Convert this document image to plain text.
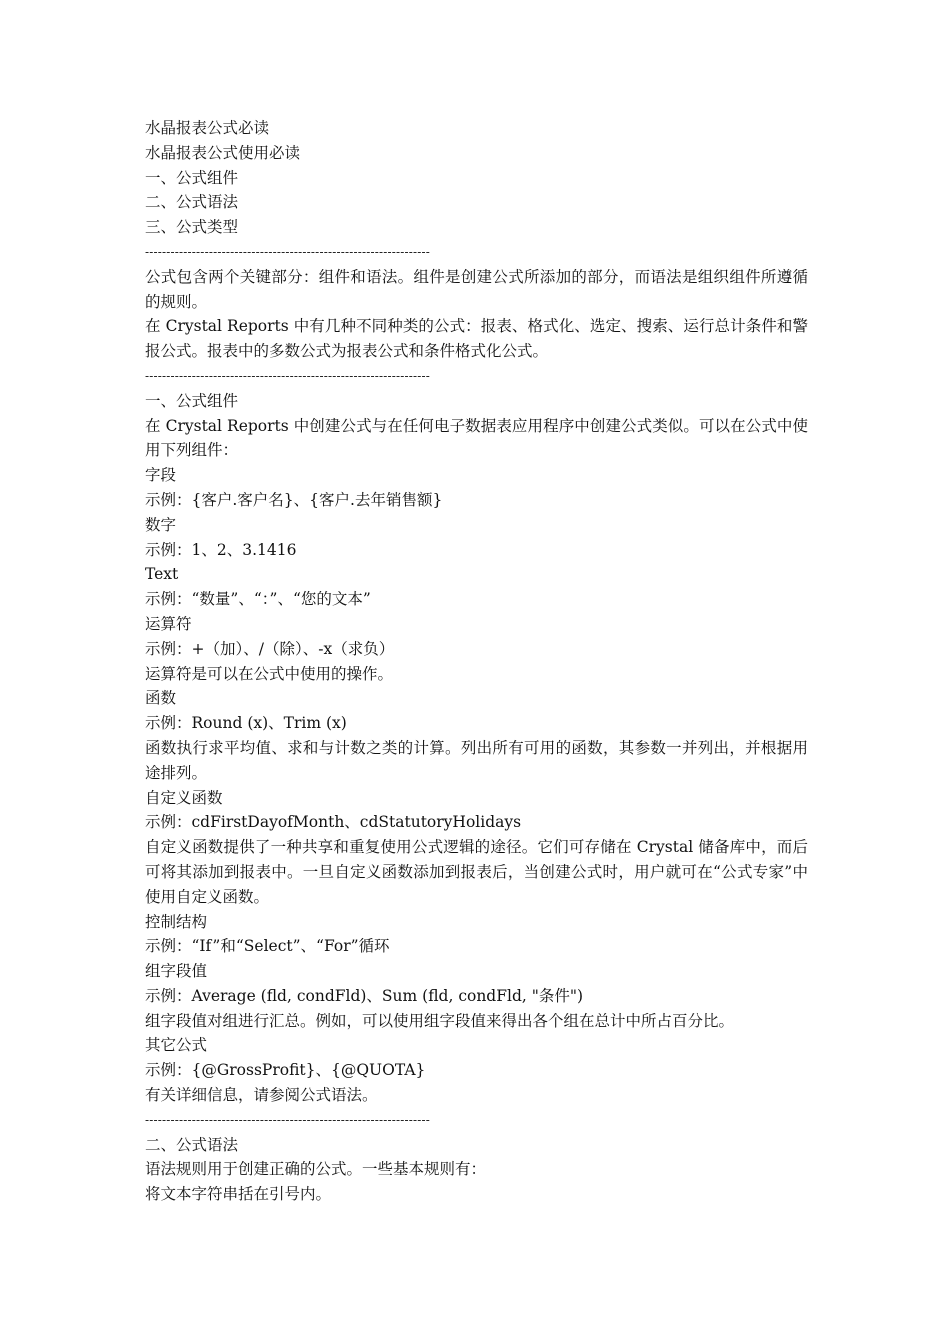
水晶报表公式必读
水晶报表公式使用必读
一、公式组件
二、公式语法
三、公式类型
-------------------------------------------------------------------
公式包含两个关键部分：组件和语法。组件是创建公式所添加的部分，而语法是组织组件所遵循的规则。
在 Crystal Reports 中有几种不同种类的公式：报表、格式化、选定、搜索、运行总计条件和警报公式。报表中的多数公式为报表公式和条件格式化公式。
-------------------------------------------------------------------
一、公式组件
在 Crystal Reports 中创建公式与在任何电子数据表应用程序中创建公式类似。可以在公式中使用下列组件：
字段
示例：{客户.客户名}、{客户.去年销售额}
数字
示例：1、2、3.1416
Text
示例：“数量”、“：”、“您的文本”
运算符
示例：+（加）、/（除）、-x（求负）
运算符是可以在公式中使用的操作。
函数
示例：Round (x)、Trim (x)
函数执行求平均值、求和与计数之类的计算。列出所有可用的函数，其参数一并列出，并根据用途排列。
自定义函数
示例：cdFirstDayofMonth、cdStatutoryHolidays
自定义函数提供了一种共享和重复使用公式逻辑的途径。它们可存储在 Crystal 储备库中，而后可将其添加到报表中。一旦自定义函数添加到报表后，当创建公式时，用户就可在“公式专家”中使用自定义函数。
控制结构
示例：“If”和“Select”、“For”循环
组字段值
示例：Average (fld, condFld)、Sum (fld, condFld, "条件")
组字段值对组进行汇总。例如，可以使用组字段值来得出各个组在总计中所占百分比。
其它公式
示例：{@GrossProfit}、{@QUOTA}
有关详细信息，请参阅公式语法。
-------------------------------------------------------------------
二、公式语法
语法规则用于创建正确的公式。一些基本规则有：
将文本字符串括在引号内。
